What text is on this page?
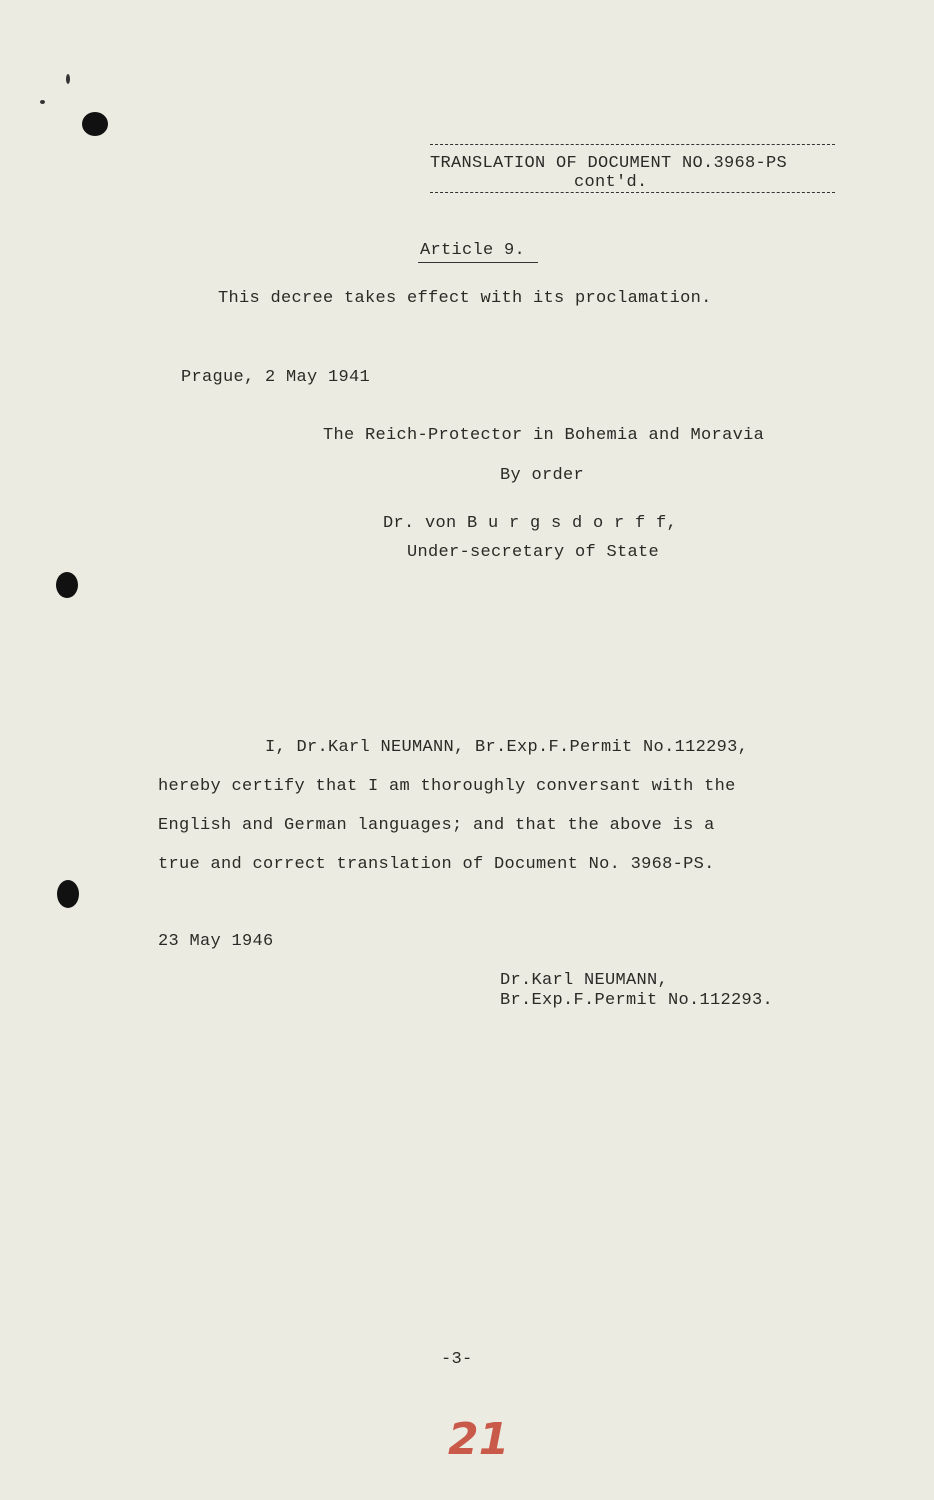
TRANSLATION OF DOCUMENT NO.3968-PS
cont'd.
Article 9.
This decree takes effect with its proclamation.
Prague, 2 May 1941
The Reich-Protector in Bohemia and Moravia
By order
Dr. von B u r g s d o r f f,
Under-secretary of State
I, Dr.Karl NEUMANN, Br.Exp.F.Permit No.112293,
hereby certify that I am thoroughly conversant with the
English and German languages; and that the above is a
true and correct translation of Document No. 3968-PS.
23 May 1946
Dr.Karl NEUMANN,
Br.Exp.F.Permit No.112293.
-3-
21
